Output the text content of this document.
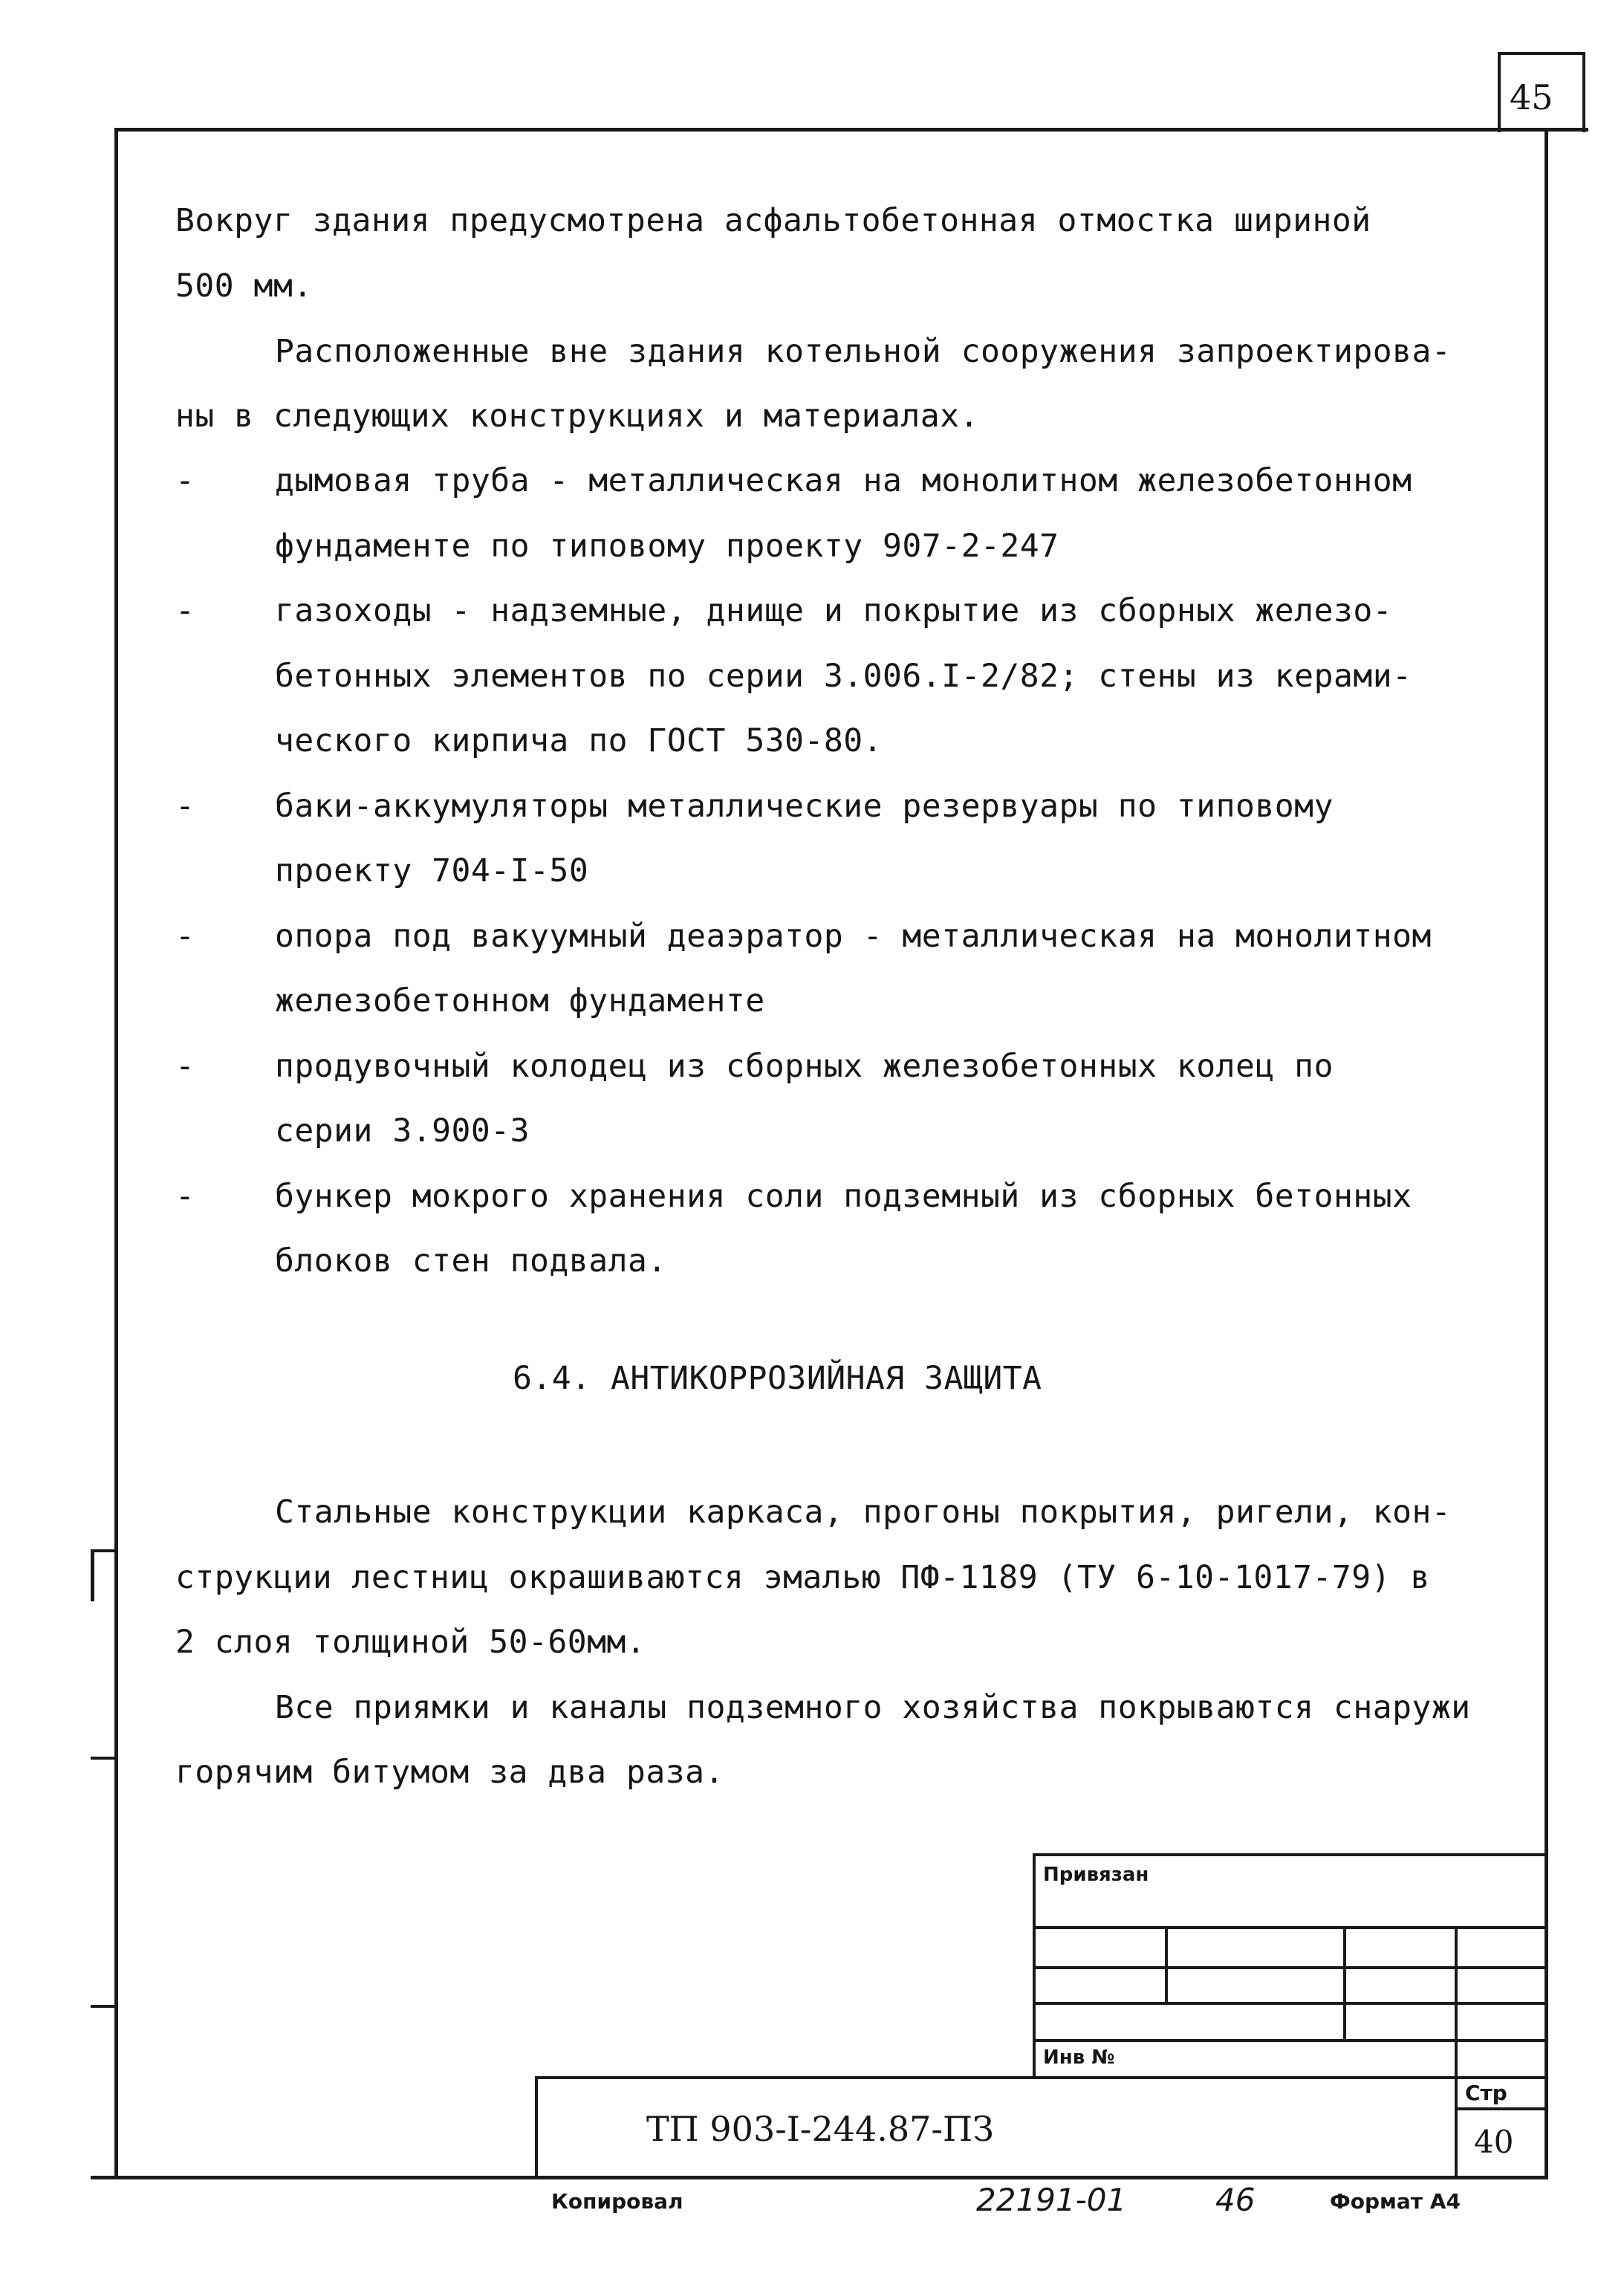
45
Вокруг здания предусмотрена асфальтобетонная отмостка шириной
500 мм.
Расположенные вне здания котельной сооружения запроектирова-
ны в следующих конструкциях и материалах.
-	дымовая труба - металлическая на монолитном железобетонном
фундаменте по типовому проекту 907-2-247
-	газоходы - надземные, днище и покрытие из сборных железо-
бетонных элементов по серии 3.006.I-2/82; стены из керами-
ческого кирпича по ГОСТ 530-80.
-	баки-аккумуляторы металлические резервуары по типовому
проекту 704-I-50
-	опора под вакуумный деаэратор - металлическая на монолитном
железобетонном фундаменте
-	продувочный колодец из сборных железобетонных колец по
серии 3.900-3
-	бункер мокрого хранения соли подземный из сборных бетонных
блоков стен подвала.
6.4. АНТИКОРРОЗИЙНАЯ ЗАЩИТА
Стальные конструкции каркаса, прогоны покрытия, ригели, кон-
струкции лестниц окрашиваются эмалью ПФ-1189 (ТУ 6-10-1017-79) в
2 слоя толщиной 50-60мм.
Все приямки и каналы подземного хозяйства покрываются снаружи
горячим битумом за два раза.
Привязан
Инв №
ТП 903-I-244.87-ПЗ
Стр
40
Копировал	22191-01	46	Формат А4
